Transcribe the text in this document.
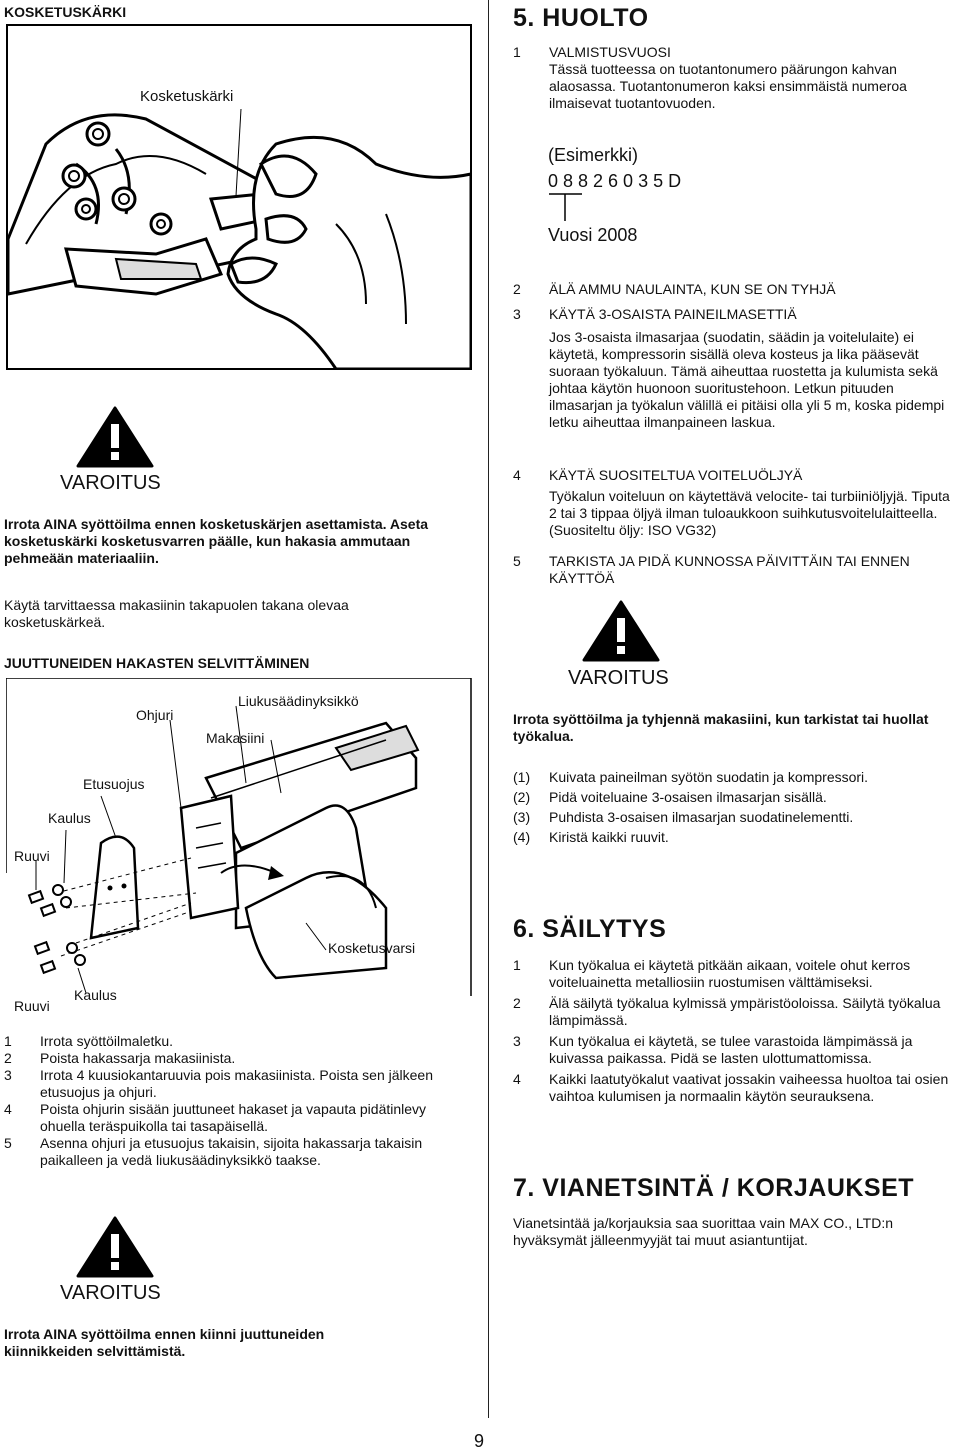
KOSKETUSKÄRKI
Kosketuskärki
VAROITUS
Irrota AINA syöttöilma ennen kosketuskärjen asettamista. Aseta kosketuskärki kosketusvarren päälle, kun hakasia ammutaan pehmeään materiaaliin.
Käytä tarvittaessa makasiinin takapuolen takana olevaa kosketuskärkeä.
JUUTTUNEIDEN HAKASTEN SELVITTÄMINEN
Liukusäädinyksikkö
Ohjuri
Makasiini
Etusuojus
Kaulus
Ruuvi
Kosketusvarsi
Kaulus
Ruuvi
1	Irrota syöttöilmaletku.
2	Poista hakassarja makasiinista.
3	Irrota 4 kuusiokantaruuvia pois makasiinista. Poista sen jälkeen etusuojus ja ohjuri.
4	Poista ohjurin sisään juuttuneet hakaset ja vapauta pidätinlevy ohuella teräspuikolla tai tasapäisellä.
5	Asenna ohjuri ja etusuojus takaisin, sijoita hakassarja takaisin paikalleen ja vedä liukusäädinyksikkö taakse.
VAROITUS
Irrota AINA syöttöilma ennen kiinni juuttuneiden kiinnikkeiden selvittämistä.
5. HUOLTO
1	VALMISTUSVUOSI
Tässä tuotteessa on tuotantonumero päärungon kahvan alaosassa. Tuotantonumeron kaksi ensimmäistä numeroa ilmaisevat tuotantovuoden.
(Esimerkki)
0 8 8 2 6 0 3 5 D
Vuosi 2008
2	ÄLÄ AMMU NAULAINTA, KUN SE ON TYHJÄ
3	KÄYTÄ 3-OSAISTA PAINEILMASETTIÄ
Jos 3-osaista ilmasarjaa (suodatin, säädin ja voitelulaite) ei käytetä, kompressorin sisällä oleva kosteus ja lika pääsevät suoraan työkaluun. Tämä aiheuttaa ruostetta ja kulumista sekä johtaa käytön huonoon suoritustehoon. Letkun pituuden ilmasarjan ja työkalun välillä ei pitäisi olla yli 5 m, koska pidempi letku aiheuttaa ilmanpaineen laskua.
4	KÄYTÄ SUOSITELTUA VOITELUÖLJYÄ
Työkalun voiteluun on käytettävä velocite- tai turbiiniöljyjä. Tiputa 2 tai 3 tippaa öljyä ilman tuloaukkoon suihkutusvoitelulaitteella. (Suositeltu öljy: ISO VG32)
5	TARKISTA JA PIDÄ KUNNOSSA PÄIVITTÄIN TAI ENNEN KÄYTTÖÄ
VAROITUS
Irrota syöttöilma ja tyhjennä makasiini, kun tarkistat tai huollat työkalua.
(1)	Kuivata paineilman syötön suodatin ja kompressori.
(2)	Pidä voiteluaine 3-osaisen ilmasarjan sisällä.
(3)	Puhdista 3-osaisen ilmasarjan suodatinelementti.
(4)	Kiristä kaikki ruuvit.
6. SÄILYTYS
1	Kun työkalua ei käytetä pitkään aikaan, voitele ohut kerros voiteluainetta metalliosiin ruostumisen välttämiseksi.
2	Älä säilytä työkalua kylmissä ympäristöoloissa. Säilytä työkalua lämpimässä.
3	Kun työkalua ei käytetä, se tulee varastoida lämpimässä ja kuivassa paikassa. Pidä se lasten ulottumattomissa.
4	Kaikki laatutyökalut vaativat jossakin vaiheessa huoltoa tai osien vaihtoa kulumisen ja normaalin käytön seurauksena.
7. VIANETSINTÄ / KORJAUKSET
Vianetsintää ja/korjauksia saa suorittaa vain MAX CO., LTD:n hyväksymät jälleenmyyjät tai muut asiantuntijat.
9
